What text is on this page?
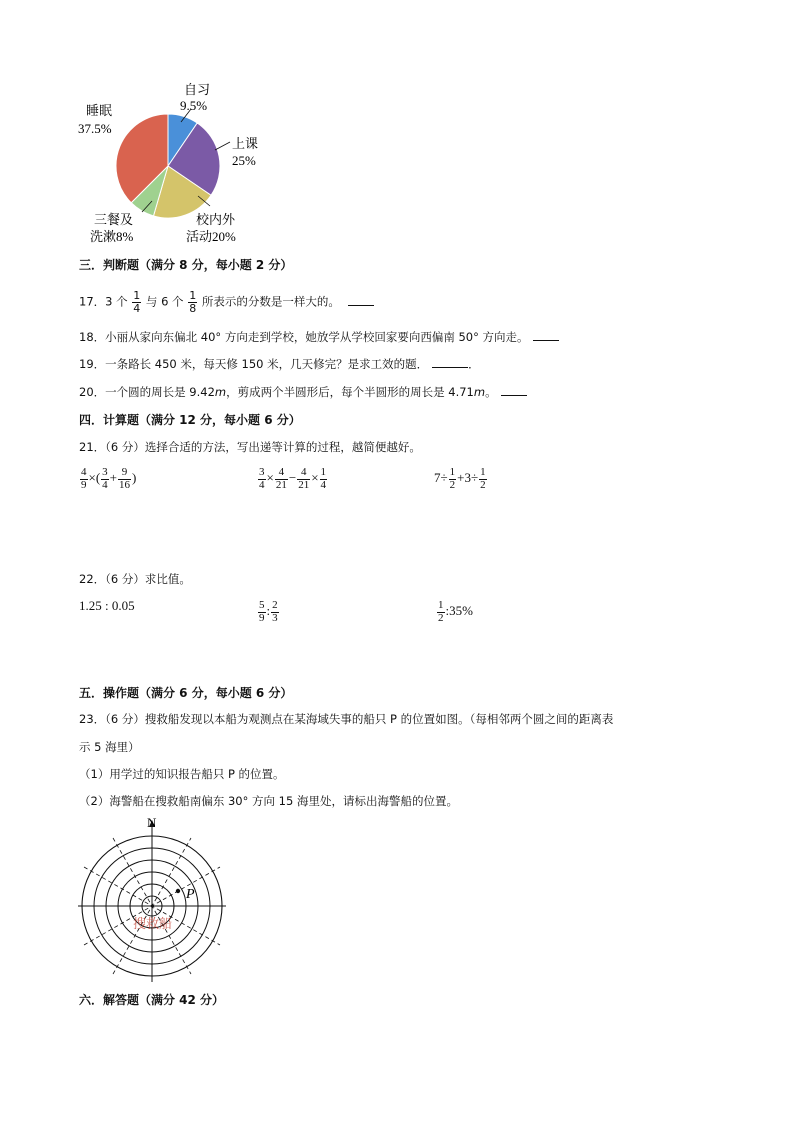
自习
9.5%
上课
25%
校内外
活动20%
三餐及
洗漱8%
睡眠
37.5%
三．判断题（满分 8 分，每小题 2 分）
17．3 个 $\frac{1}{4}$ 与 6 个 $\frac{1}{8}$ 所表示的分数是一样大的。
18．小丽从家向东偏北 40° 方向走到学校，她放学从学校回家要向西偏南 50° 方向走。
19．一条路长 450 米，每天修 150 米，几天修完？是求工效的题．	．
20．一个圆的周长是 9.42m，剪成两个半圆形后，每个半圆形的周长是 4.71m。
四．计算题（满分 12 分，每小题 6 分）
21．（6 分）选择合适的方法，写出递等计算的过程，越简便越好。
$\frac{4}{9}$ ×( $\frac{3}{4} + \frac{9}{16}$ )	$\frac{3}{4} \times \frac{4}{21} - \frac{4}{21} \times \frac{1}{4}$	$7\div \frac{1}{2} +3\div \frac{1}{2}$
22．（6 分）求比值。
1.25 : 0.05	$\frac{5}{9}$ : $\frac{2}{3}$	$\frac{1}{2}$ :35%
五．操作题（满分 6 分，每小题 6 分）
23．（6 分）搜救船发现以本船为观测点在某海域失事的船只 P 的位置如图。（每相邻两个圆之间的距离表
示 5 海里）
（1）用学过的知识报告船只 P 的位置。
（2）海警船在搜救船南偏东 30° 方向 15 海里处，请标出海警船的位置。
N
P
搜救船
六．解答题（满分 42 分）
